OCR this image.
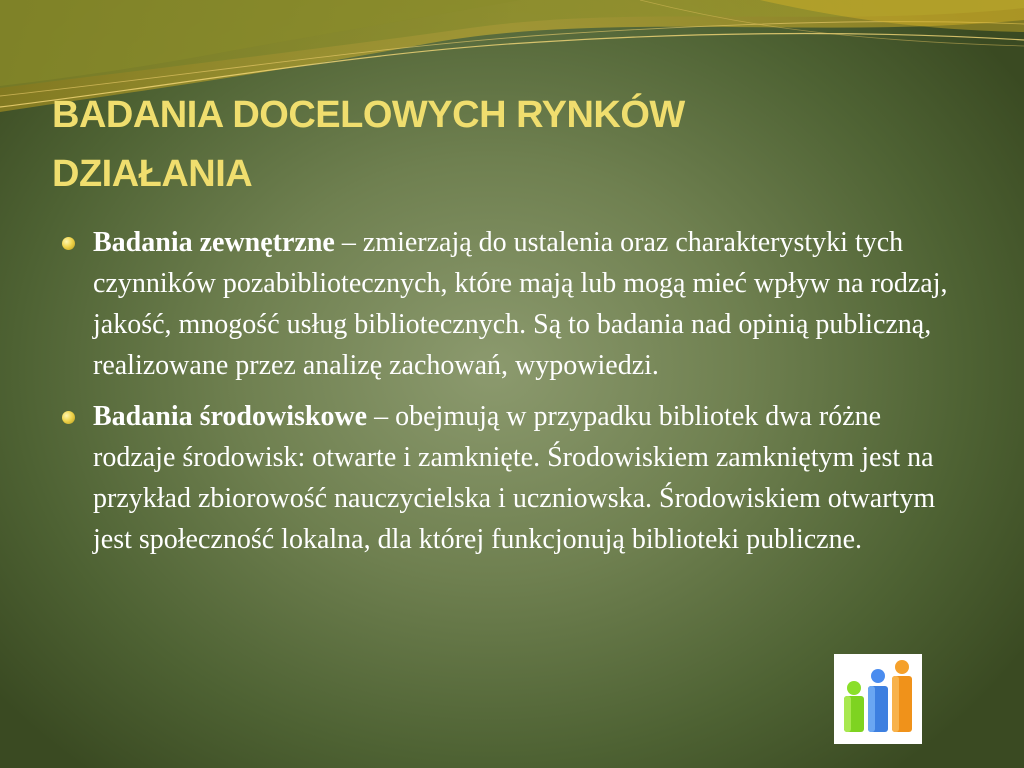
BADANIA DOCELOWYCH RYNKÓW
DZIAŁANIA

Badania zewnętrzne – zmierzają do ustalenia oraz charakterystyki tych czynników pozabibliotecznych, które mają lub mogą mieć wpływ na rodzaj, jakość, mnogość usług bibliotecznych. Są to badania nad opinią publiczną, realizowane przez analizę zachowań, wypowiedzi.

Badania środowiskowe – obejmują w przypadku bibliotek dwa różne rodzaje środowisk: otwarte i zamknięte. Środowiskiem zamkniętym jest na przykład zbiorowość nauczycielska i uczniowska. Środowiskiem otwartym jest społeczność lokalna, dla której funkcjonują biblioteki publiczne.
